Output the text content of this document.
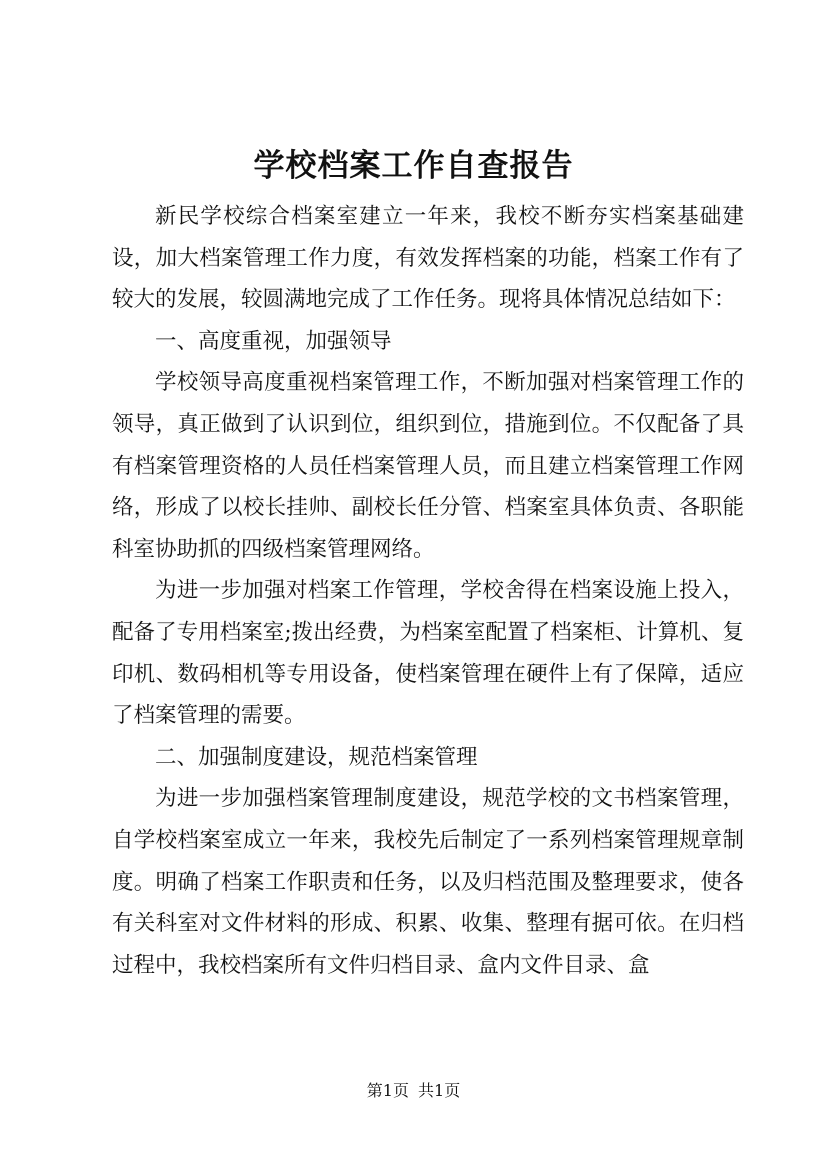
学校档案工作自查报告

新民学校综合档案室建立一年来，我校不断夯实档案基础建设，加大档案管理工作力度，有效发挥档案的功能，档案工作有了较大的发展，较圆满地完成了工作任务。现将具体情况总结如下：

一、高度重视，加强领导

学校领导高度重视档案管理工作，不断加强对档案管理工作的领导，真正做到了认识到位，组织到位，措施到位。不仅配备了具有档案管理资格的人员任档案管理人员，而且建立档案管理工作网络，形成了以校长挂帅、副校长任分管、档案室具体负责、各职能科室协助抓的四级档案管理网络。

为进一步加强对档案工作管理，学校舍得在档案设施上投入，配备了专用档案室;拨出经费，为档案室配置了档案柜、计算机、复印机、数码相机等专用设备，使档案管理在硬件上有了保障，适应了档案管理的需要。

二、加强制度建设，规范档案管理

为进一步加强档案管理制度建设，规范学校的文书档案管理，自学校档案室成立一年来，我校先后制定了一系列档案管理规章制度。明确了档案工作职责和任务，以及归档范围及整理要求，使各有关科室对文件材料的形成、积累、收集、整理有据可依。在归档过程中，我校档案所有文件归档目录、盒内文件目录、盒

第1页 共1页
